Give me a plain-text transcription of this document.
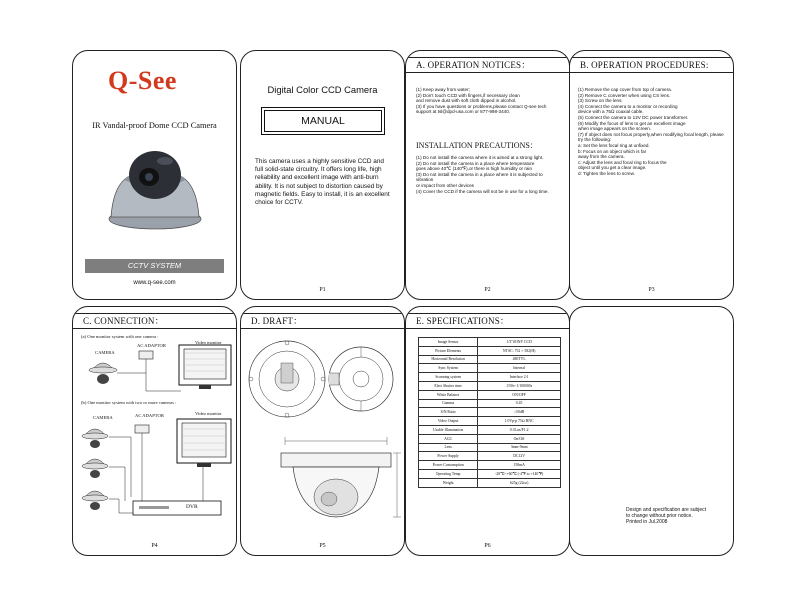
Q-See
IR Vandal-proof Dome CCD Camera
CCTV SYSTEM
www.q-see.com
Digital Color CCD Camera
MANUAL
This camera uses a highly sensitive CCD and full solid-state circuitry. It offers long life, high reliability and excellent image with anti-burn ability. It is not subject to distortion caused by magnetic fields. Easy to install, it is an excellent choice for CCTV.
P1
A. OPERATION NOTICES：

(1) Keep away from water;

(2) Don't touch CCD with fingers,if necessary clean

and remove dust with soft cloth dipped in alcohol.

(3) If you have questions or problems,please contact Q-see tech

support at tsl@dpd-usa.com or 877-998-3440.

INSTALLATION PRECAUTIONS：

(1) Do not install the camera where it is aimed at a strong light.

(2) Do not install the camera in a place where temperature

goes above 40℃ (140℉),or there is high humidity or rain

(3) Do not install the camera in a place where it is subjected to vibration

or impact from other devices

(4) Cover the CCD if the camera will not be in use for a long time.

P2
B. OPERATION PROCEDURES:

(1) Remove the cap cover from top of camera.

(2) Remove C converter when using CS lens.

(3) Screw on the lens.

(4) Connect the camera to a monitor or recording

device with a 75Ω coaxial cable.

(5) Connect the camera to 12V DC power transformer.

(6) Modify the focus of lens to get an excellent image

when image appears on the screen.

(7) If object does not focus properly,when modifying focal length, please

try the following:

a: Set the lens focal ring at unfixed.

b: Focus on an object which is far

away from the camera.

c: Adjust the lens and focal ring to focus the

object until you get a clear image.

d: Tighten the lens to screw.

P3
C. CONNECTION：
(a) One monitor system with one camera :
CAMERA
AC ADAPTOR
Video monitor
(b) One monitor system with two or more cameras :
CAMERA	AC ADAPTOR	Video monitor
DVR
P4
D. DRAFT：
P5
E. SPECIFICATIONS：
Image Sensor	1/3"SONY CCD
Picture Elements	NTSC: 752 × 582(H)
Horizontal Resolution	480TVL
Sync System	Internal
Scanning system	Interlace 2:1
Elect Shutter time	1/50s~1/100000s
White Balance	ON/OFF
Gamma	0.45
S/N Ratio	≥50dB
Video Output	1.0Vp-p 75Ω BNC
Usable Illumination	0.3Lux/F1.2
AGC	On/Off
Lens	3mm-9mm
Power Supply	DC12V
Power Consumption	150mA
Operating Temp	-20℃~+60℃ (-4℉ to +140℉)
Weight	625g (22oz)
P6

Design and specification are subject

to change without prior notice.

Printed in Jul.2008
